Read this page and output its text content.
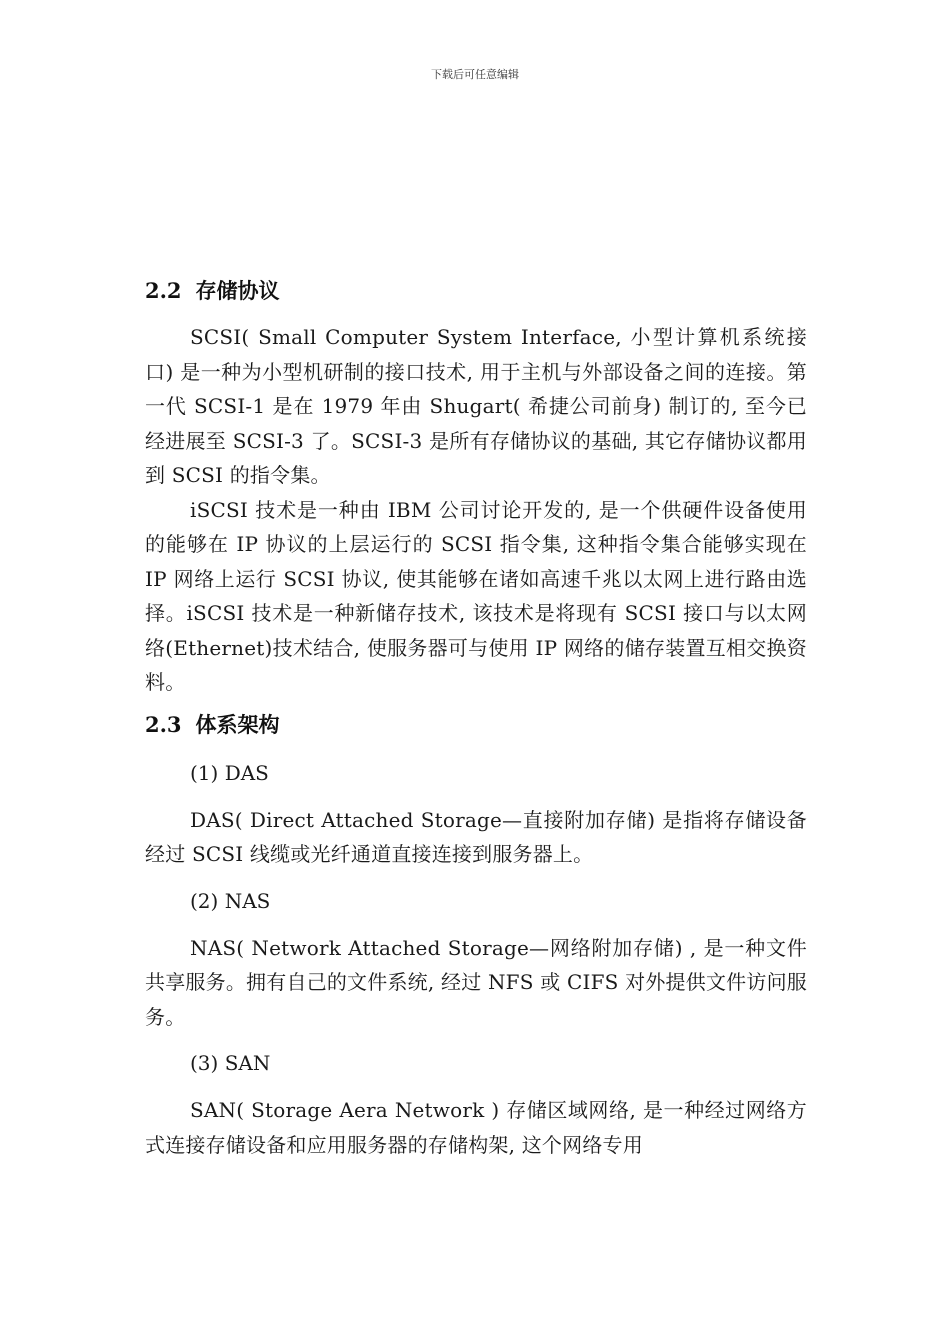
下载后可任意编辑
2.2 存储协议

SCSI( Small Computer System Interface, 小型计算机系统接口) 是一种为小型机研制的接口技术, 用于主机与外部设备之间的连接。第一代 SCSI-1 是在 1979 年由 Shugart( 希捷公司前身) 制订的, 至今已经进展至 SCSI-3 了。SCSI-3 是所有存储协议的基础, 其它存储协议都用到 SCSI 的指令集。

iSCSI 技术是一种由 IBM 公司讨论开发的, 是一个供硬件设备使用的能够在 IP 协议的上层运行的 SCSI 指令集, 这种指令集合能够实现在 IP 网络上运行 SCSI 协议, 使其能够在诸如高速千兆以太网上进行路由选择。iSCSI 技术是一种新储存技术, 该技术是将现有 SCSI 接口与以太网络(Ethernet)技术结合, 使服务器可与使用 IP 网络的储存装置互相交换资料。

2.3 体系架构

(1) DAS

DAS( Direct Attached Storage—直接附加存储) 是指将存储设备经过 SCSI 线缆或光纤通道直接连接到服务器上。

(2) NAS

NAS( Network Attached Storage—网络附加存储) , 是一种文件共享服务。拥有自己的文件系统, 经过 NFS 或 CIFS 对外提供文件访问服务。

(3) SAN

SAN( Storage Aera Network ) 存储区域网络, 是一种经过网络方式连接存储设备和应用服务器的存储构架, 这个网络专用
